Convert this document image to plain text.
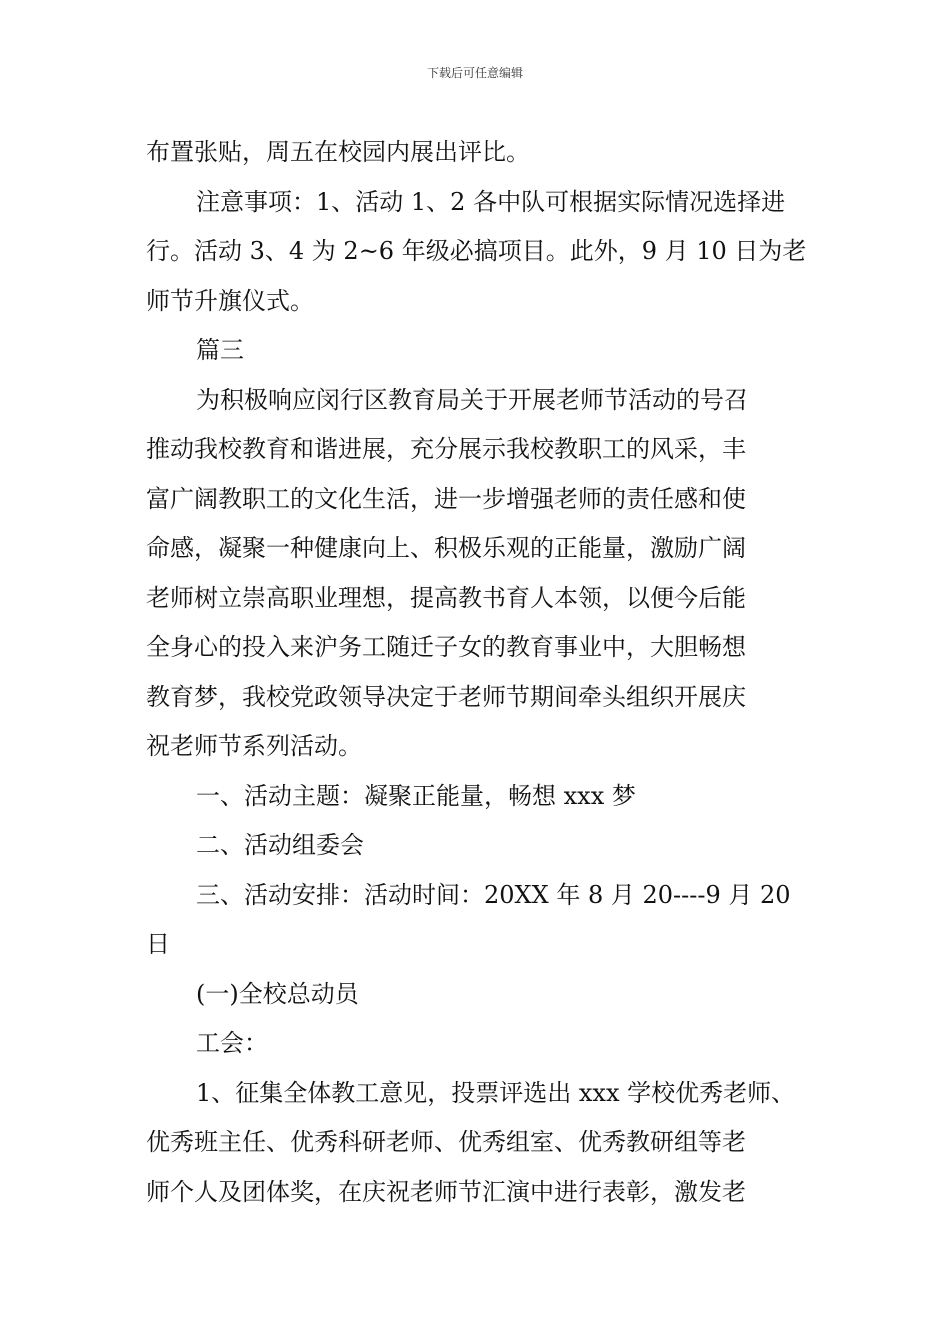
下载后可任意编辑
布置张贴，周五在校园内展出评比。
注意事项：1、活动 1、2 各中队可根据实际情况选择进
行。活动 3、4 为 2~6 年级必搞项目。此外，9 月 10 日为老
师节升旗仪式。
篇三
为积极响应闵行区教育局关于开展老师节活动的号召
推动我校教育和谐进展，充分展示我校教职工的风采，丰
富广阔教职工的文化生活，进一步增强老师的责任感和使
命感，凝聚一种健康向上、积极乐观的正能量，激励广阔
老师树立崇高职业理想，提高教书育人本领，以便今后能
全身心的投入来沪务工随迁子女的教育事业中，大胆畅想
教育梦，我校党政领导决定于老师节期间牵头组织开展庆
祝老师节系列活动。
一、活动主题：凝聚正能量，畅想 xxx 梦
二、活动组委会
三、活动安排：活动时间：20XX 年 8 月 20----9 月 20
日
(一)全校总动员
工会：
1、征集全体教工意见，投票评选出 xxx 学校优秀老师、
优秀班主任、优秀科研老师、优秀组室、优秀教研组等老
师个人及团体奖，在庆祝老师节汇演中进行表彰，激发老
